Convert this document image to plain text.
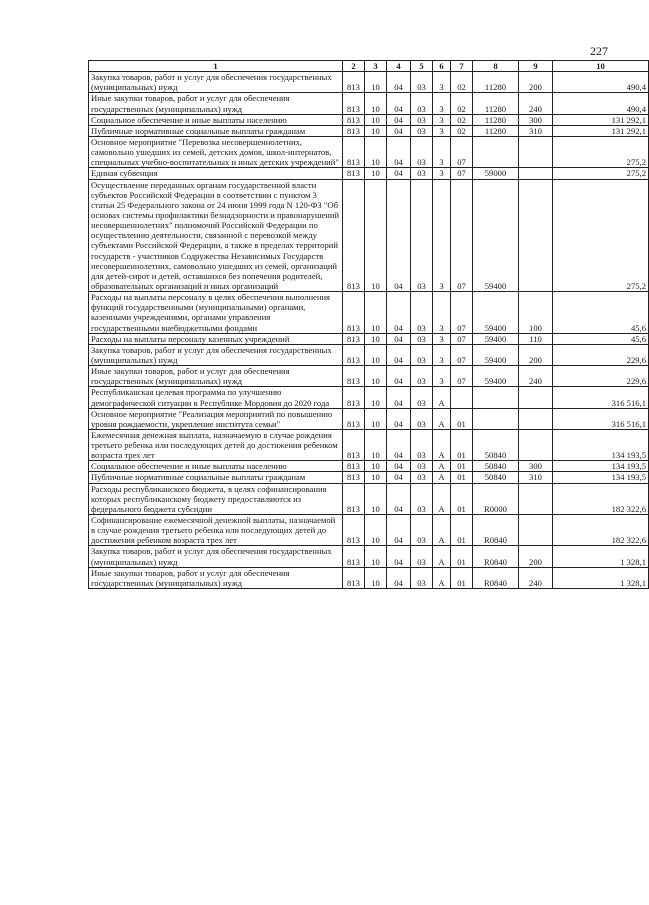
227
1	2	3	4	5	6	7	8	9	10
Закупка товаров, работ и услуг для обеспечения государственных (муниципальных) нужд	813	10	04	03	3	02	11280	200	490,4
Иные закупки товаров, работ и услуг для обеспечения государственных (муниципальных) нужд	813	10	04	03	3	02	11280	240	490,4
Социальное обеспечение и иные выплаты населению	813	10	04	03	3	02	11280	300	131 292,1
Публичные нормативные социальные выплаты гражданам	813	10	04	03	3	02	11280	310	131 292,1
Основное мероприятие "Перевозка несовершеннолетних, самовольно ушедших из семей, детских домов, школ-интернатов, специальных учебно-воспитательных и иных детских учреждений"	813	10	04	03	3	07			275,2
Единая субвенция	813	10	04	03	3	07	59000		275,2
Осуществление переданных органам государственной власти субъектов Российской Федерации в соответствии с пунктом 3 статьи 25 Федерального закона от 24 июня 1999 года N 120-ФЗ "Об основах системы профилактики безнадзорности и правонарушений несовершеннолетних" полномочий Российской Федерации по осуществлению деятельности, связанной с перевозкой между субъектами Российской Федерации, а также в пределах территорий государств - участников Содружества Независимых Государств несовершеннолетних, самовольно ушедших из семей, организаций для детей-сирот и детей, оставшихся без попечения родителей, образовательных организаций и иных организаций	813	10	04	03	3	07	59400		275,2
Расходы на выплаты персоналу в целях обеспечения выполнения функций государственными (муниципальными) органами, казенными учреждениями, органами управления государственными внебюджетными фондами	813	10	04	03	3	07	59400	100	45,6
Расходы на выплаты персоналу казенных учреждений	813	10	04	03	3	07	59400	110	45,6
Закупка товаров, работ и услуг для обеспечения государственных (муниципальных) нужд	813	10	04	03	3	07	59400	200	229,6
Иные закупки товаров, работ и услуг для обеспечения государственных (муниципальных) нужд	813	10	04	03	3	07	59400	240	229,6
Республиканская целевая программа по улучшению демографической ситуации в Республике Мордовия до 2020 года	813	10	04	03	А				316 516,1
Основное мероприятие "Реализация мероприятий по повышению уровня рождаемости, укрепление института семьи"	813	10	04	03	А	01			316 516,1
Ежемесячная денежная выплата, назначаемую в случае рождения третьего ребенка или последующих детей до достижения ребенком возраста трех лет	813	10	04	03	А	01	50840		134 193,5
Социальное обеспечение и иные выплаты населению	813	10	04	03	А	01	50840	300	134 193,5
Публичные нормативные социальные выплаты гражданам	813	10	04	03	А	01	50840	310	134 193,5
Расходы республиканского бюджета, в целях софинансирования которых республиканскому бюджету предоставляются из федерального бюджета субсидии	813	10	04	03	А	01	R0000		182 322,6
Софинансирование ежемесячной денежной выплаты, назначаемой в случае рождения третьего ребенка или последующих детей до достижения ребенком возраста трех лет	813	10	04	03	А	01	R0840		182 322,6
Закупка товаров, работ и услуг для обеспечения государственных (муниципальных) нужд	813	10	04	03	А	01	R0840	200	1 328,1
Иные закупки товаров, работ и услуг для обеспечения государственных (муниципальных) нужд	813	10	04	03	А	01	R0840	240	1 328,1
